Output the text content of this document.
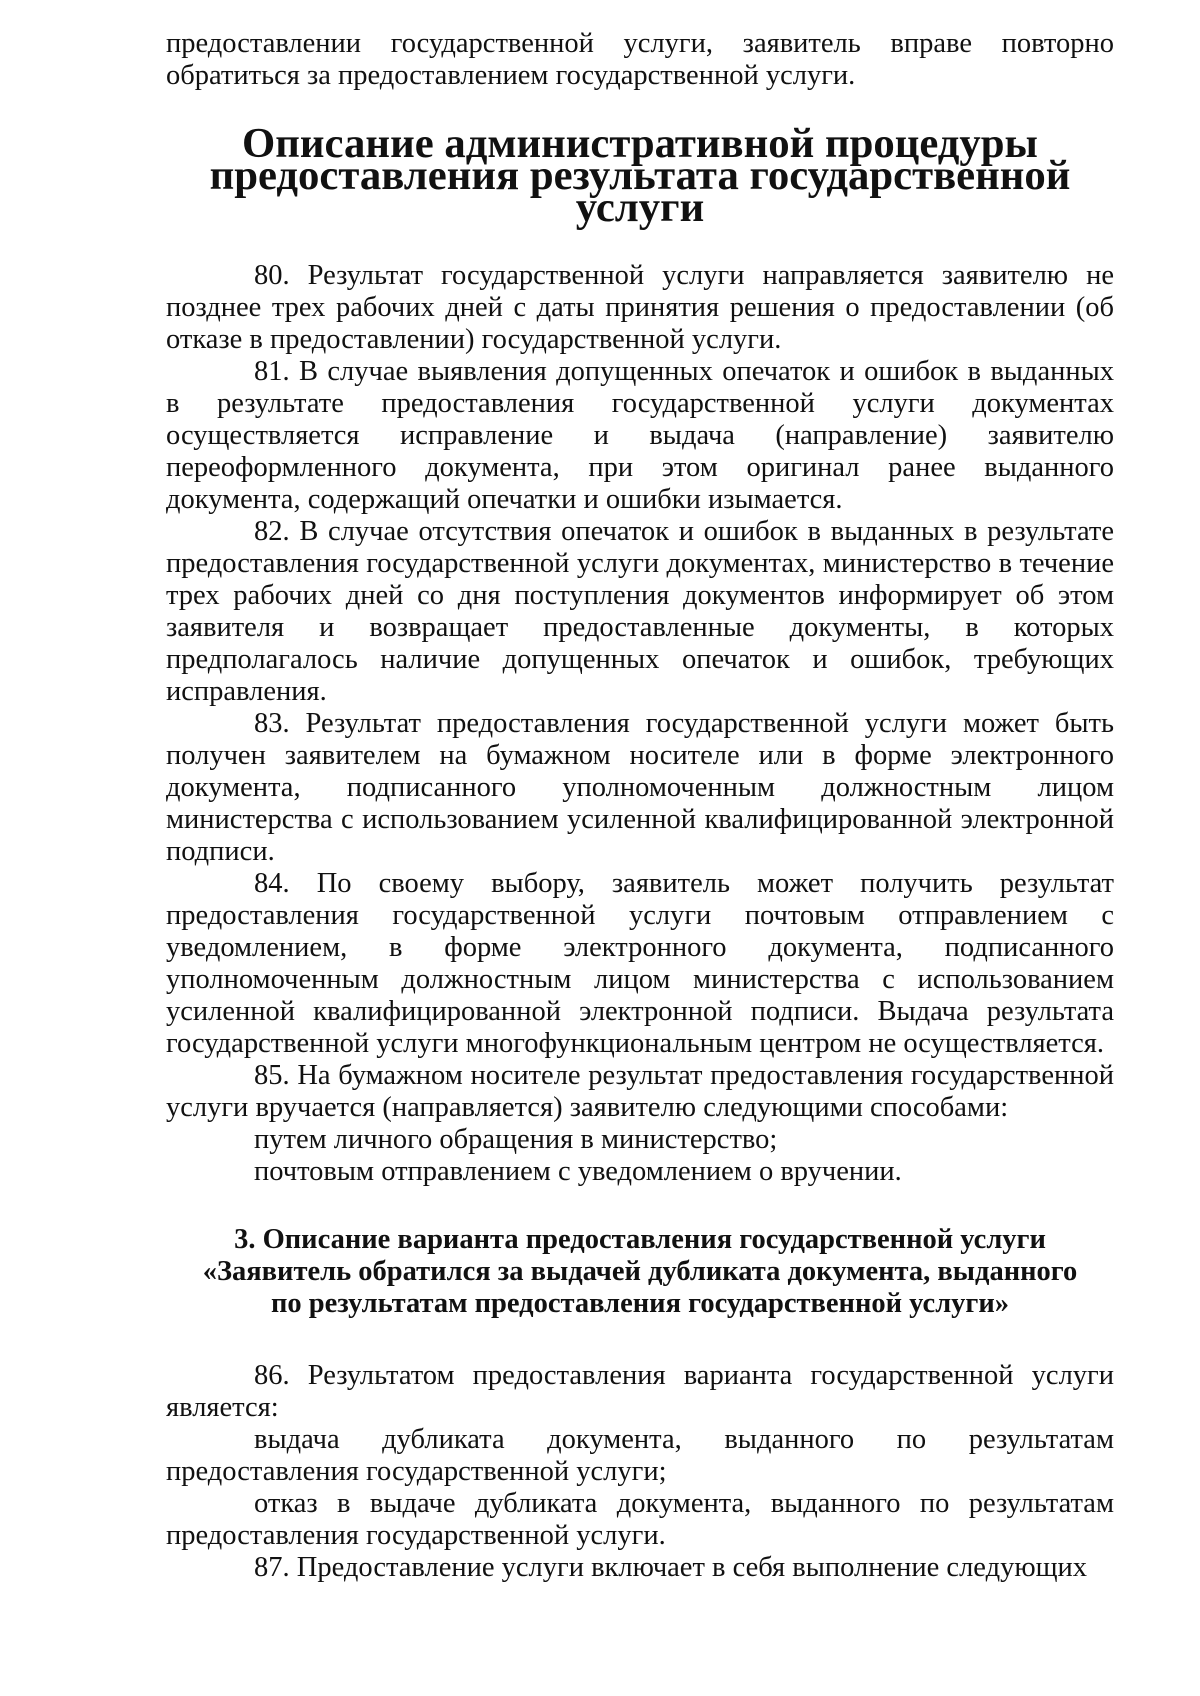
предоставлении государственной услуги, заявитель вправе повторно обратиться за предоставлением государственной услуги.

Описание административной процедуры предоставления результата государственной услуги

80. Результат государственной услуги направляется заявителю не позднее трех рабочих дней с даты принятия решения о предоставлении (об отказе в предоставлении) государственной услуги.

81. В случае выявления допущенных опечаток и ошибок в выданных в результате предоставления государственной услуги документах осуществляется исправление и выдача (направление) заявителю переоформленного документа, при этом оригинал ранее выданного документа, содержащий опечатки и ошибки изымается.

82. В случае отсутствия опечаток и ошибок в выданных в результате предоставления государственной услуги документах, министерство в течение трех рабочих дней со дня поступления документов информирует об этом заявителя и возвращает предоставленные документы, в которых предполагалось наличие допущенных опечаток и ошибок, требующих исправления.

83. Результат предоставления государственной услуги может быть получен заявителем на бумажном носителе или в форме электронного документа, подписанного уполномоченным должностным лицом министерства с использованием усиленной квалифицированной электронной подписи.

84. По своему выбору, заявитель может получить результат предоставления государственной услуги почтовым отправлением с уведомлением, в форме электронного документа, подписанного уполномоченным должностным лицом министерства с использованием усиленной квалифицированной электронной подписи. Выдача результата государственной услуги многофункциональным центром не осуществляется.

85. На бумажном носителе результат предоставления государственной услуги вручается (направляется) заявителю следующими способами:

путем личного обращения в министерство;

почтовым отправлением с уведомлением о вручении.

3. Описание варианта предоставления государственной услуги
«Заявитель обратился за выдачей дубликата документа, выданного
по результатам предоставления государственной услуги»

86. Результатом предоставления варианта государственной услуги является:

выдача дубликата документа, выданного по результатам предоставления государственной услуги;

отказ в выдаче дубликата документа, выданного по результатам предоставления государственной услуги.

87. Предоставление услуги включает в себя выполнение следующих
